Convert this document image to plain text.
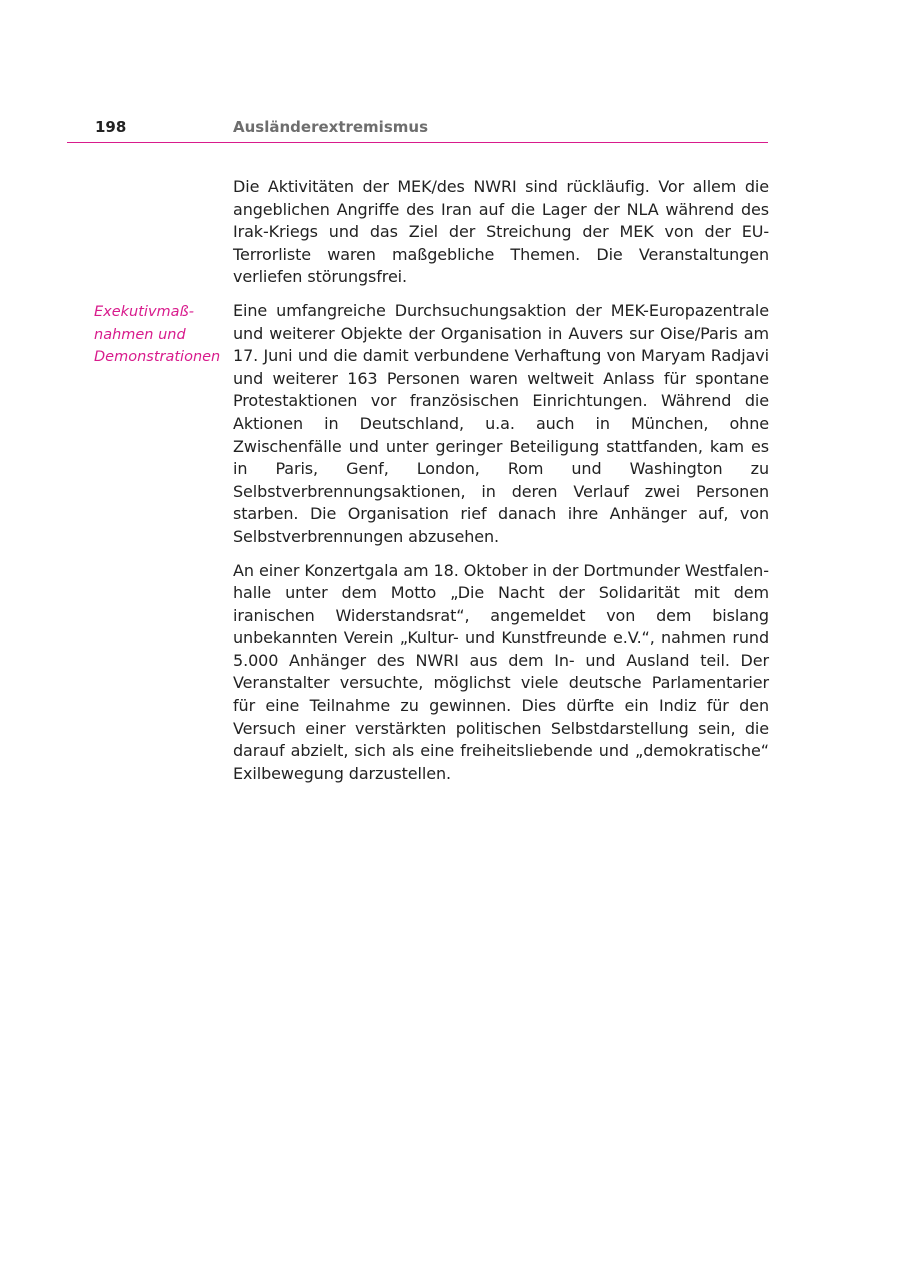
198	Ausländerextremismus
Exekutivmaß-
nahmen und
Demonstrationen

Die Aktivitäten der MEK/des NWRI sind rückläufig. Vor allem die angeblichen Angriffe des Iran auf die Lager der NLA während des Irak-Kriegs und das Ziel der Streichung der MEK von der EU-Terrorliste waren maßgebliche Themen. Die Veranstaltungen verliefen störungsfrei.

Eine umfangreiche Durchsuchungsaktion der MEK-Europazentrale und weiterer Objekte der Organisation in Auvers sur Oise/Paris am 17. Juni und die damit verbundene Verhaftung von Maryam Radjavi und weiterer 163 Personen waren weltweit Anlass für spontane Protestaktionen vor französischen Einrichtungen. Während die Aktionen in Deutschland, u.a. auch in München, ohne Zwischenfälle und unter geringer Beteiligung stattfanden, kam es in Paris, Genf, London, Rom und Washington zu Selbstverbrennungsaktionen, in deren Verlauf zwei Personen starben. Die Organisation rief danach ihre Anhänger auf, von Selbstverbrennungen abzusehen.

An einer Konzertgala am 18. Oktober in der Dortmunder Westfalenhalle unter dem Motto „Die Nacht der Solidarität mit dem iranischen Widerstandsrat“, angemeldet von dem bislang unbekannten Verein „Kultur- und Kunstfreunde e.V.“, nahmen rund 5.000 Anhänger des NWRI aus dem In- und Ausland teil. Der Veranstalter versuchte, möglichst viele deutsche Parlamentarier für eine Teilnahme zu gewinnen. Dies dürfte ein Indiz für den Versuch einer verstärkten politischen Selbstdarstellung sein, die darauf abzielt, sich als eine freiheitsliebende und „demokratische“ Exilbewegung darzustellen.
